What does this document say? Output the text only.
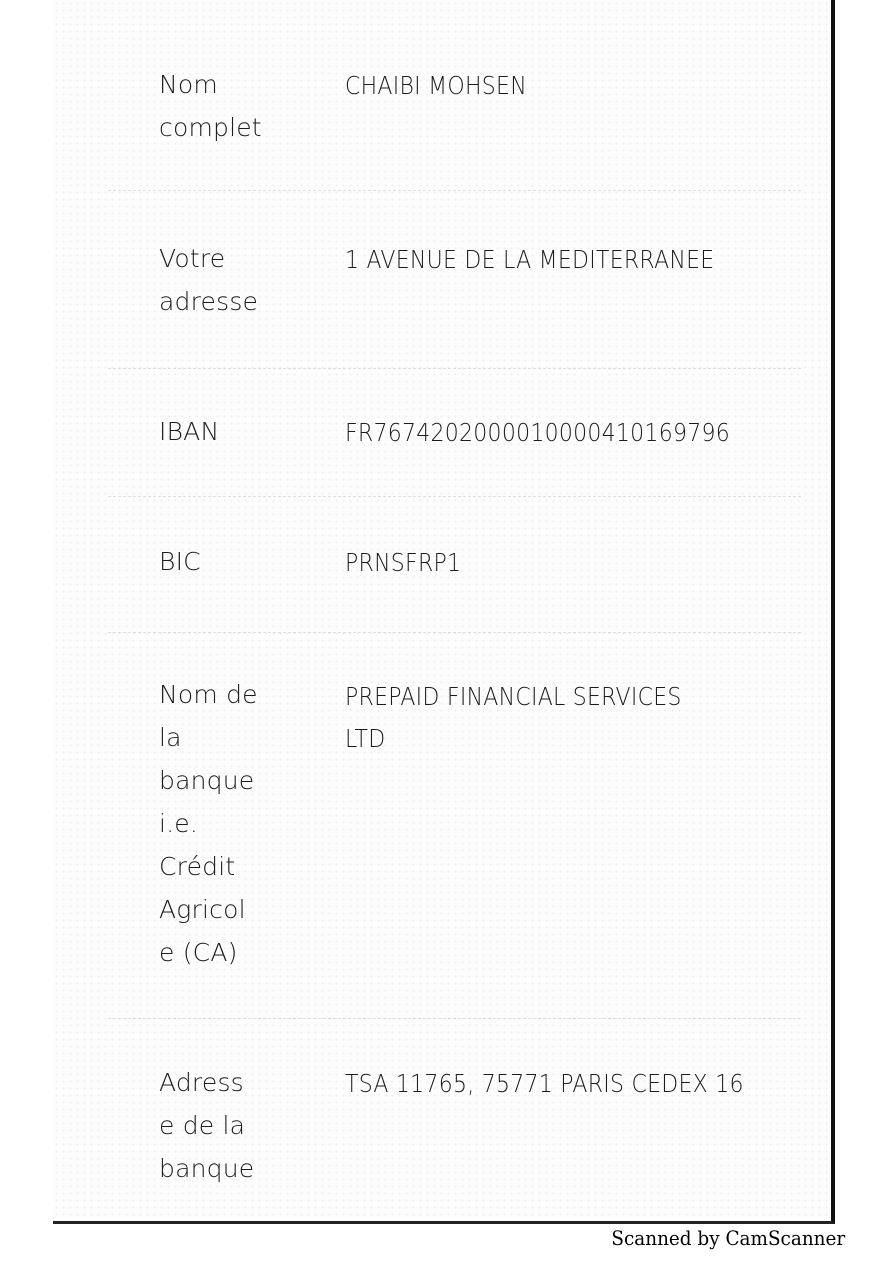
Nom complet
CHAIBI MOHSEN
Votre adresse
1 AVENUE DE LA MEDITERRANEE
IBAN	FR7674202000010000410169796
BIC	PRNSFRP1
Nom de la banque i.e. Crédit Agricole (CA)
PREPAID FINANCIAL SERVICES LTD
Adresse de la banque
TSA 11765, 75771 PARIS CEDEX 16
Scanned by CamScanner
